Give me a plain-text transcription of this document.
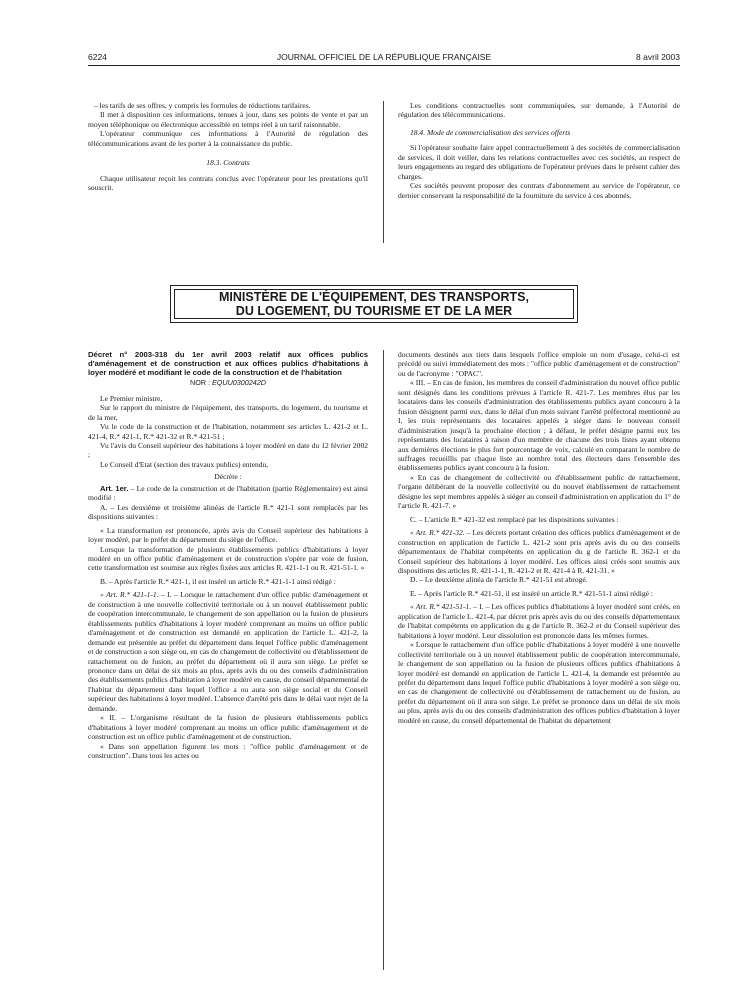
6224	JOURNAL OFFICIEL DE LA RÉPUBLIQUE FRANÇAISE	8 avril 2003

– les tarifs de ses offres, y compris les formules de réductions tarifaires.

Il met à disposition ces informations, tenues à jour, dans ses points de vente et par un moyen téléphonique ou électronique accessible en temps réel à un tarif raisonnable.

L'opérateur communique ces informations à l'Autorité de régulation des télécommunications avant de les porter à la connaissance du public.

18.3. Contrats

Chaque utilisateur reçoit les contrats conclus avec l'opérateur pour les prestations qu'il souscrit.

Les conditions contractuelles sont communiquées, sur demande, à l'Autorité de régulation des télécommunications.

18.4. Mode de commercialisation des services offerts

Si l'opérateur souhaite faire appel contractuellement à des sociétés de commercialisation de services, il doit veiller, dans les relations contractuelles avec ces sociétés, au respect de leurs engagements au regard des obligations de l'opérateur prévues dans le présent cahier des charges.

Ces sociétés peuvent proposer des contrats d'abonnement au service de l'opérateur, ce dernier conservant la responsabilité de la fourniture du service à ces abonnés.

MINISTÈRE DE L'ÉQUIPEMENT, DES TRANSPORTS,
DU LOGEMENT, DU TOURISME ET DE LA MER
Décret n° 2003-318 du 1er avril 2003 relatif aux offices publics d'aménagement et de construction et aux offices publics d'habitations à loyer modéré et modifiant le code de la construction et de l'habitation
NOR : EQUU0300242D

Le Premier ministre,

Sur le rapport du ministre de l'équipement, des transports, du logement, du tourisme et de la mer,

Vu le code de la construction et de l'habitation, notamment ses articles L. 421-2 et L. 421-4, R.* 421-1, R.* 421-32 et R.* 421-51 ;

Vu l'avis du Conseil supérieur des habitations à loyer modéré en date du 12 février 2002 ;

Le Conseil d'Etat (section des travaux publics) entendu,

Décrète :

Art. 1er. – Le code de la construction et de l'habitation (partie Réglementaire) est ainsi modifié :

A. – Les deuxième et troisième alinéas de l'article R.* 421-1 sont remplacés par les dispositions suivantes :

« La transformation est prononcée, après avis du Conseil supérieur des habitations à loyer modéré, par le préfet du département du siège de l'office.

Lorsque la transformation de plusieurs établissements publics d'habitations à loyer modéré en un office public d'aménagement et de construction s'opère par voie de fusion, cette transformation est soumise aux règles fixées aux articles R. 421-1-1 ou R. 421-51-1. »

B. – Après l'article R.* 421-1, il est inséré un article R.* 421-1-1 ainsi rédigé :

« Art. R.* 421-1-1. – I. – Lorsque le rattachement d'un office public d'aménagement et de construction à une nouvelle collectivité territoriale ou à un nouvel établissement public de coopération intercommunale, le changement de son appellation ou la fusion de plusieurs établissements publics d'habitations à loyer modéré comprenant au moins un office public d'aménagement et de construction est demandé en application de l'article L. 421-2, la demande est présentée au préfet du département dans lequel l'office public d'aménagement et de construction a son siège ou, en cas de changement de collectivité ou d'établissement de rattachement ou de fusion, au préfet du département où il aura son siège. Le préfet se prononce dans un délai de six mois au plus, après avis du ou des conseils d'administration des établissements publics d'habitation à loyer modéré en cause, du conseil départemental de l'habitat du département dans lequel l'office a ou aura son siège social et du Conseil supérieur des habitations à loyer modéré. L'absence d'arrêté pris dans le délai vaut rejet de la demande.

« II. – L'organisme résultant de la fusion de plusieurs établissements publics d'habitations à loyer modéré comprenant au moins un office public d'aménagement et de construction est un office public d'aménagement et de construction.

« Dans son appellation figurent les mots : "office public d'aménagement et de construction". Dans tous les actes ou

documents destinés aux tiers dans lesquels l'office emploie un nom d'usage, celui-ci est précédé ou suivi immédiatement des mots : "office public d'aménagement et de construction" ou de l'acronyme : "OPAC".

« III. – En cas de fusion, les membres du conseil d'administration du nouvel office public sont désignés dans les conditions prévues à l'article R. 421-7. Les membres élus par les locataires dans les conseils d'administration des établissements publics ayant concouru à la fusion désignent parmi eux, dans le délai d'un mois suivant l'arrêté préfectoral mentionné au I, les trois représentants des locataires appelés à siéger dans le nouveau conseil d'administration jusqu'à la prochaine élection ; à défaut, le préfet désigne parmi eux les représentants des locataires à raison d'un membre de chacune des trois listes ayant obtenu aux dernières élections le plus fort pourcentage de voix, calculé en comparant le nombre de suffrages recueillis par chaque liste au nombre total des électeurs dans l'ensemble des établissements publics ayant concouru à la fusion.

« En cas de changement de collectivité ou d'établissement public de rattachement, l'organe délibérant de la nouvelle collectivité ou du nouvel établissement de rattachement désigne les sept membres appelés à siéger au conseil d'administration en application du 1° de l'article R. 421-7. »

C. – L'article R.* 421-32 est remplacé par les dispositions suivantes :

« Art. R.* 421-32. – Les décrets portant création des offices publics d'aménagement et de construction en application de l'article L. 421-2 sont pris après avis du ou des conseils départementaux de l'habitat compétents en application du g de l'article R. 362-1 et du Conseil supérieur des habitations à loyer modéré. Les offices ainsi créés sont soumis aux dispositions des articles R. 421-1-1, R. 421-2 et R. 421-4 à R. 421-31. »

D. – Le deuxième alinéa de l'article R.* 421-51 est abrogé.

E. – Après l'article R.* 421-51, il est inséré un article R.* 421-51-1 ainsi rédigé :

« Art. R.* 421-51-1. – I. – Les offices publics d'habitations à loyer modéré sont créés, en application de l'article L. 421-4, par décret pris après avis du ou des conseils départementaux de l'habitat compétents en application du g de l'article R. 362-2 et du Conseil supérieur des habitations à loyer modéré. Leur dissolution est prononcée dans les mêmes formes.

« Lorsque le rattachement d'un office public d'habitations à loyer modéré à une nouvelle collectivité territoriale ou à un nouvel établissement public de coopération intercommunale, le changement de son appellation ou la fusion de plusieurs offices publics d'habitations à loyer modéré est demandé en application de l'article L. 421-4, la demande est présentée au préfet du département dans lequel l'office public d'habitations à loyer modéré a son siège ou, en cas de changement de collectivité ou d'établissement de rattachement ou de fusion, au préfet du département où il aura son siège. Le préfet se prononce dans un délai de six mois au plus, après avis du ou des conseils d'administration des offices publics d'habitation à loyer modéré en cause, du conseil départemental de l'habitat du département
